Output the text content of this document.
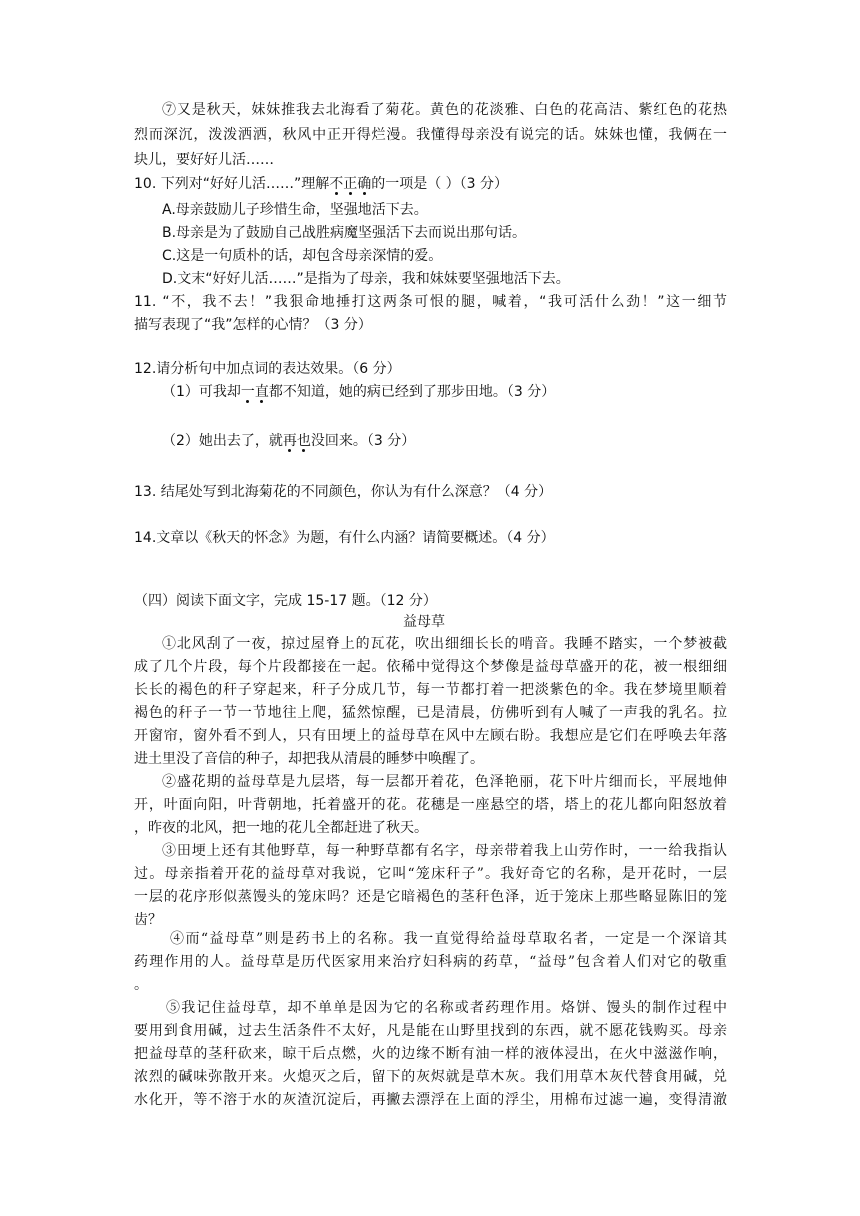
⑦又是秋天，妹妹推我去北海看了菊花。黄色的花淡雅、白色的花高洁、紫红色的花热
烈而深沉，泼泼洒洒，秋风中正开得烂漫。我懂得母亲没有说完的话。妹妹也懂，我俩在一
块儿，要好好儿活……
10. 下列对“好好儿活……”理解不正确的一项是（ ）（3 分）
A.母亲鼓励儿子珍惜生命，坚强地活下去。
B.母亲是为了鼓励自己战胜病魔坚强活下去而说出那句话。
C.这是一句质朴的话，却包含母亲深情的爱。
D.文末“好好儿活……”是指为了母亲，我和妹妹要坚强地活下去。
11. “不，我不去！”我狠命地捶打这两条可恨的腿，喊着，“我可活什么劲！”这一细节
描写表现了“我”怎样的心情？（3 分）
12.请分析句中加点词的表达效果。（6 分）
（1）可我却一直都不知道，她的病已经到了那步田地。（3 分）
（2）她出去了，就再也没回来。（3 分）
13. 结尾处写到北海菊花的不同颜色，你认为有什么深意？（4 分）
14.文章以《秋天的怀念》为题，有什么内涵？请简要概述。（4 分）
（四）阅读下面文字，完成 15-17 题。（12 分）
益母草
①北风刮了一夜，掠过屋脊上的瓦花，吹出细细长长的啃音。我睡不踏实，一个梦被截
成了几个片段，每个片段都接在一起。依稀中觉得这个梦像是益母草盛开的花，被一根细细
长长的褐色的秆子穿起来，秆子分成几节，每一节都打着一把淡紫色的伞。我在梦境里顺着
褐色的秆子一节一节地往上爬，猛然惊醒，已是清晨，仿佛听到有人喊了一声我的乳名。拉
开窗帘，窗外看不到人，只有田埂上的益母草在风中左顾右盼。我想应是它们在呼唤去年落
进土里没了音信的种子，却把我从清晨的睡梦中唤醒了。
②盛花期的益母草是九层塔，每一层都开着花，色泽艳丽，花下叶片细而长，平展地伸
开，叶面向阳，叶背朝地，托着盛开的花。花穗是一座悬空的塔，塔上的花儿都向阳怒放着
，昨夜的北风，把一地的花儿全都赶进了秋天。
③田埂上还有其他野草，每一种野草都有名字，母亲带着我上山劳作时，一一给我指认
过。母亲指着开花的益母草对我说，它叫“笼床秆子”。我好奇它的名称，是开花时，一层
一层的花序形似蒸馒头的笼床吗？还是它暗褐色的茎秆色泽，近于笼床上那些略显陈旧的笼
齿？
④而“益母草”则是药书上的名称。我一直觉得给益母草取名者，一定是一个深谙其
药理作用的人。益母草是历代医家用来治疗妇科病的药草，“益母”包含着人们对它的敬重
。
⑤我记住益母草，却不单单是因为它的名称或者药理作用。烙饼、馒头的制作过程中
要用到食用碱，过去生活条件不太好，凡是能在山野里找到的东西，就不愿花钱购买。母亲
把益母草的茎秆砍来，晾干后点燃，火的边缘不断有油一样的液体浸出，在火中滋滋作响，
浓烈的碱味弥散开来。火熄灭之后，留下的灰烬就是草木灰。我们用草木灰代替食用碱，兑
水化开，等不溶于水的灰渣沉淀后，再撇去漂浮在上面的浮尘，用棉布过滤一遍，变得清澈
